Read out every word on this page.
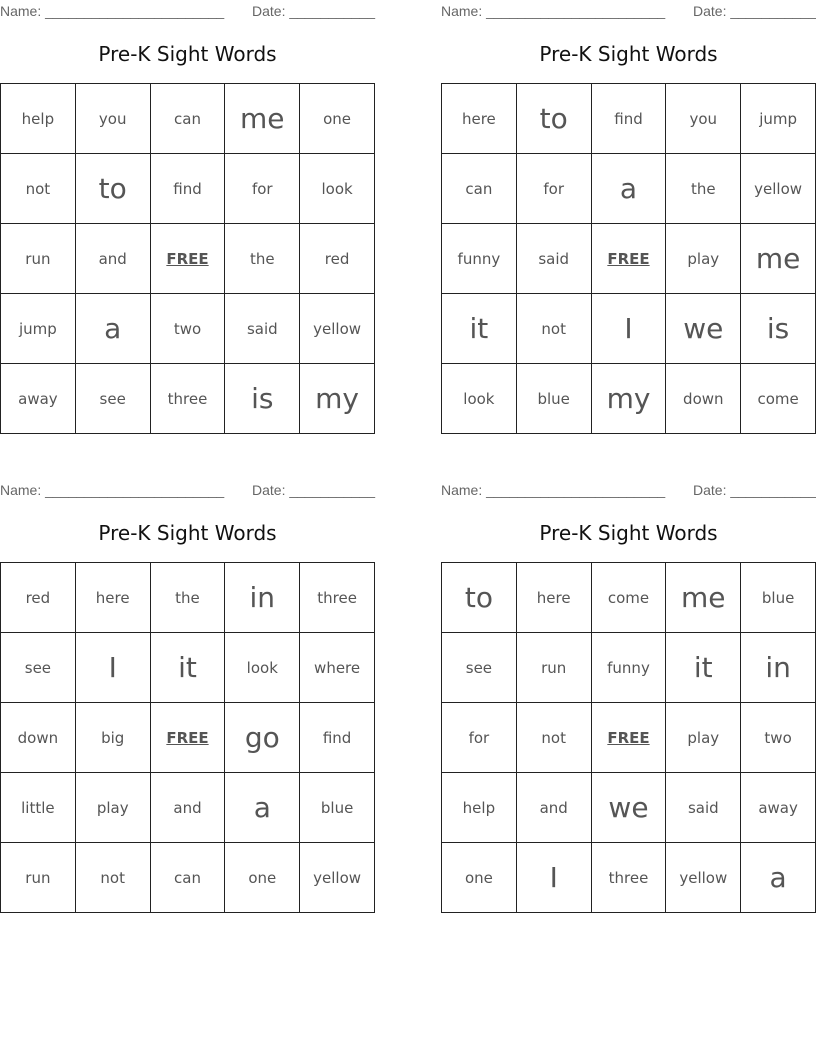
Name: _______________________ Date: ___________
Pre-K Sight Words
help	you	can	me	one
not	to	find	for	look
run	and	FREE	the	red
jump	a	two	said	yellow
away	see	three	is	my
Name: _______________________ Date: ___________
Pre-K Sight Words
here	to	find	you	jump
can	for	a	the	yellow
funny	said	FREE	play	me
it	not	I	we	is
look	blue	my	down	come
Name: _______________________ Date: ___________
Pre-K Sight Words
red	here	the	in	three
see	I	it	look	where
down	big	FREE	go	find
little	play	and	a	blue
run	not	can	one	yellow
Name: _______________________ Date: ___________
Pre-K Sight Words
to	here	come	me	blue
see	run	funny	it	in
for	not	FREE	play	two
help	and	we	said	away
one	I	three	yellow	a
